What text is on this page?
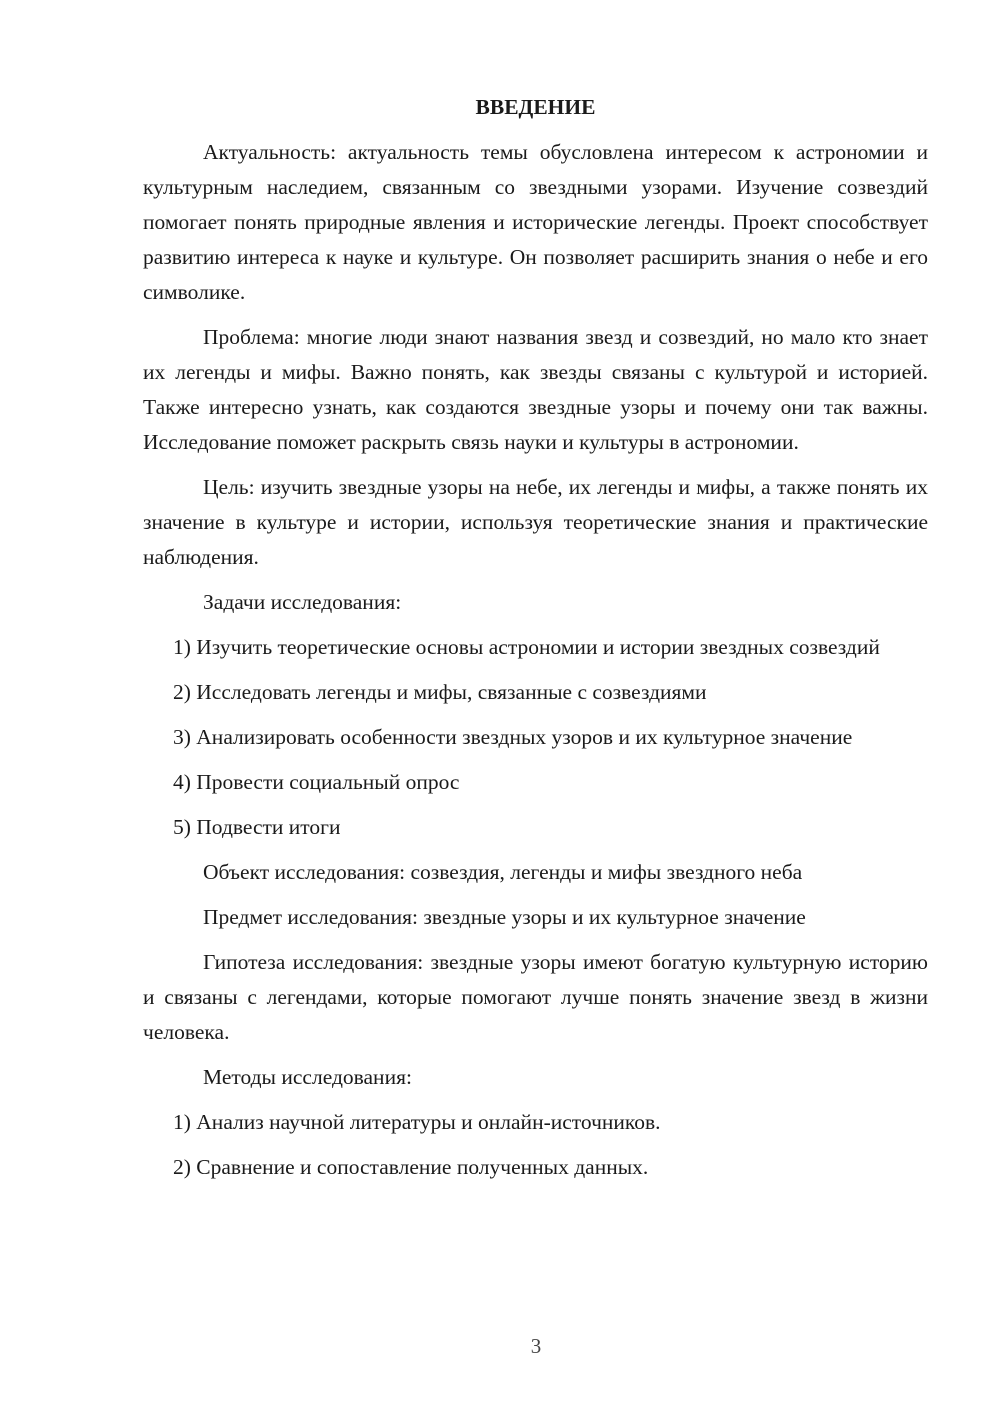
ВВЕДЕНИЕ

Актуальность: актуальность темы обусловлена интересом к астрономии и культурным наследием, связанным со звездными узорами. Изучение созвездий помогает понять природные явления и исторические легенды. Проект способствует развитию интереса к науке и культуре. Он позволяет расширить знания о небе и его символике.

Проблема: многие люди знают названия звезд и созвездий, но мало кто знает их легенды и мифы. Важно понять, как звезды связаны с культурой и историей. Также интересно узнать, как создаются звездные узоры и почему они так важны. Исследование поможет раскрыть связь науки и культуры в астрономии.

Цель: изучить звездные узоры на небе, их легенды и мифы, а также понять их значение в культуре и истории, используя теоретические знания и практические наблюдения.

Задачи исследования:

1) Изучить теоретические основы астрономии и истории звездных созвездий

2) Исследовать легенды и мифы, связанные с созвездиями

3) Анализировать особенности звездных узоров и их культурное значение

4) Провести социальный опрос

5) Подвести итоги

Объект исследования: созвездия, легенды и мифы звездного неба

Предмет исследования: звездные узоры и их культурное значение

Гипотеза исследования: звездные узоры имеют богатую культурную историю и связаны с легендами, которые помогают лучше понять значение звезд в жизни человека.

Методы исследования:

1) Анализ научной литературы и онлайн-источников.

2) Сравнение и сопоставление полученных данных.

3
